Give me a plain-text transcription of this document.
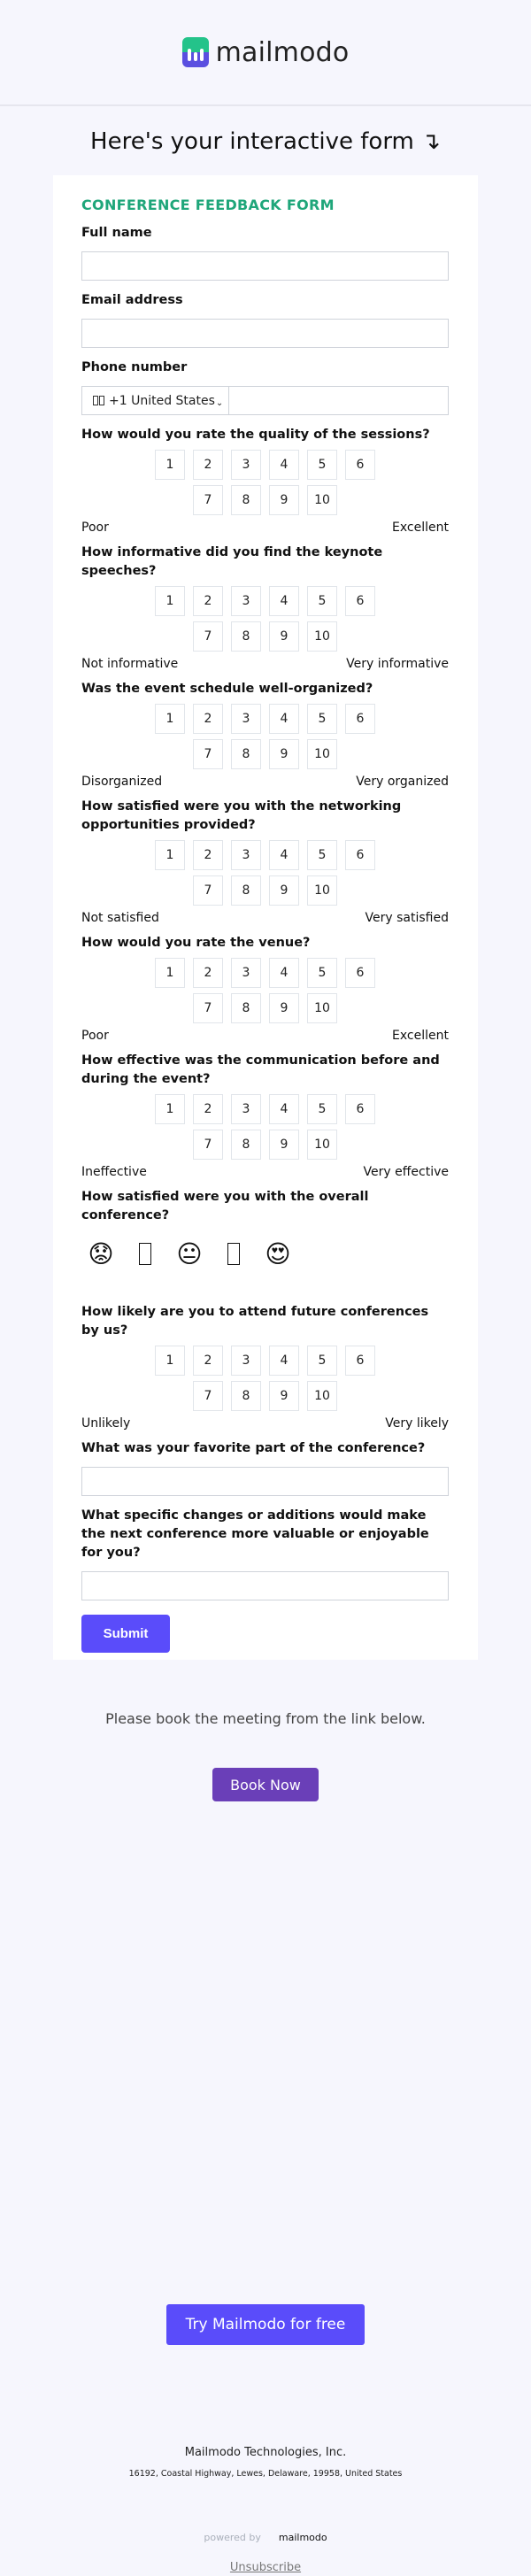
mailmodo
Here's your interactive form ↴
CONFERENCE FEEDBACK FORM
Full name
Email address
Phone number
+1 United States ⌄
How would you rate the quality of the sessions?
1	2	3	4	5	6
7	8	9	10
Poor	Excellent
How informative did you find the keynote speeches?
1	2	3	4	5	6
7	8	9	10
Not informative	Very informative
Was the event schedule well-organized?
1	2	3	4	5	6
7	8	9	10
Disorganized	Very organized
How satisfied were you with the networking opportunities provided?
1	2	3	4	5	6
7	8	9	10
Not satisfied	Very satisfied
How would you rate the venue?
1	2	3	4	5	6
7	8	9	10
Poor	Excellent
How effective was the communication before and during the event?
1	2	3	4	5	6
7	8	9	10
Ineffective	Very effective
How satisfied were you with the overall conference?
😟	😐	😍
How likely are you to attend future conferences by us?
1	2	3	4	5	6
7	8	9	10
Unlikely	Very likely
What was your favorite part of the conference?
What specific changes or additions would make the next conference more valuable or enjoyable for you?
Submit
Please book the meeting from the link below.
Book Now
Try Mailmodo for free
Mailmodo Technologies, Inc.
16192, Coastal Highway, Lewes, Delaware, 19958, United States
powered by mailmodo
Unsubscribe
